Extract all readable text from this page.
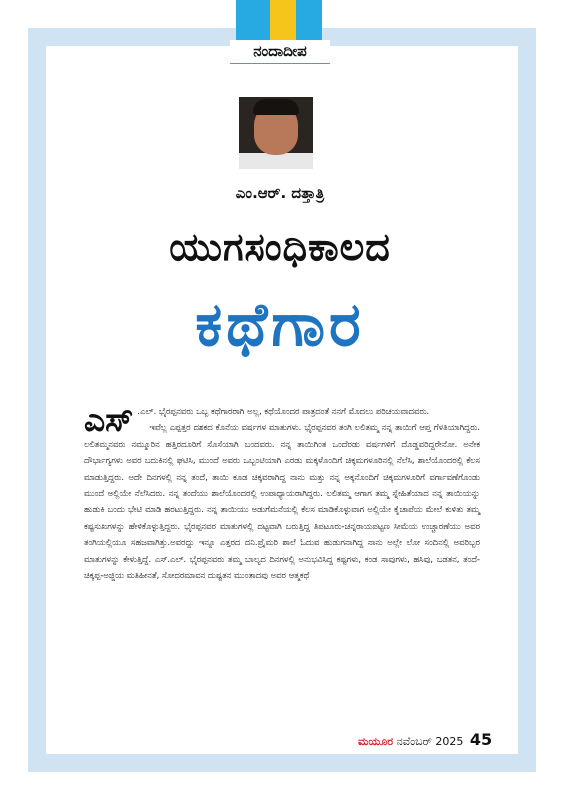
ನಂದಾದೀಪ
ಎಂ.ಆರ್. ದತ್ತಾತ್ರಿ
ಯುಗಸಂಧಿಕಾಲದ
ಕಥೆಗಾರ
ಎಸ್ .ಎಲ್. ಭೈರಪ್ಪನವರು ಒಬ್ಬ ಕಥೆಗಾರರಾಗಿ ಅಲ್ಲ, ಕಥೆಯೊಂದರ ಪಾತ್ರದಂತೆ ನನಗೆ ಮೊದಲು ಪರಿಚಯವಾದವರು.

ಇವೆಲ್ಲ ಎಪ್ಪತ್ತರ ದಶಕದ ಕೊನೆಯ ವರ್ಷಗಳ ಮಾತುಗಳು. ಭೈರಪ್ಪನವರ ತಂಗಿ ಲಲಿತಮ್ಮ ನನ್ನ ತಾಯಿಗೆ ಆಪ್ತ ಗೆಳತಿಯಾಗಿದ್ದರು. ಲಲಿತಮ್ಮನವರು ನಮ್ಮೂರಿನ ಹತ್ತಿರದೂರಿಗೆ ಸೊಸೆಯಾಗಿ ಬಂದವರು. ನನ್ನ ತಾಯಿಗಿಂತ ಒಂದೆರಡು ವರ್ಷಗಳಿಗೆ ದೊಡ್ಡವರಿದ್ದರೇನೋ. ಅನೇಕ ದೌರ್ಭಾಗ್ಯಗಳು ಅವರ ಬದುಕಿನಲ್ಲಿ ಘಟಿಸಿ, ಮುಂದೆ ಅವರು ಒಬ್ಬಂಟಿಯಾಗಿ ಎರಡು ಮಕ್ಕಳೊಂದಿಗೆ ಚಿಕ್ಕಮಗಳೂರಿನಲ್ಲಿ ನೆಲೆಸಿ, ಶಾಲೆಯೊಂದರಲ್ಲಿ ಕೆಲಸ ಮಾಡುತ್ತಿದ್ದರು. ಅದೇ ದಿನಗಳಲ್ಲಿ ನನ್ನ ತಂದೆ, ತಾಯಿ ಕೂಡ ಚಿಕ್ಕವರಾಗಿದ್ದ ನಾನು ಮತ್ತು ನನ್ನ ಅಕ್ಕನೊಂದಿಗೆ ಚಿಕ್ಕಮಗಳೂರಿಗೆ ವರ್ಗಾವಣೆಗೊಂಡು ಮುಂದೆ ಅಲ್ಲಿಯೇ ನೆಲೆಸಿದರು. ನನ್ನ ತಂದೆಯು ಶಾಲೆಯೊಂದರಲ್ಲಿ ಉಪಾಧ್ಯಾಯರಾಗಿದ್ದರು. ಲಲಿತಮ್ಮ ಆಗಾಗ ತಮ್ಮ ಸ್ನೇಹಿತೆಯಾದ ನನ್ನ ತಾಯಿಯನ್ನು ಹುಡುಕಿ ಬಂದು ಭೇಟಿ ಮಾಡಿ ಹರಟುತ್ತಿದ್ದರು. ನನ್ನ ತಾಯಿಯು ಅಡುಗೆಮನೆಯಲ್ಲಿ ಕೆಲಸ ಮಾಡಿಕೊಳ್ಳುವಾಗ ಅಲ್ಲಿಯೇ ಕೈಚಾಪೆಯ ಮೇಲೆ ಕುಳಿತು ತಮ್ಮ ಕಷ್ಟಸುಖಗಳನ್ನು ಹೇಳಿಕೊಳ್ಳುತ್ತಿದ್ದರು. ಭೈರಪ್ಪನವರ ಮಾತುಗಳಲ್ಲಿ ದಟ್ಟವಾಗಿ ಬರುತ್ತಿದ್ದ ತಿಪಟೂರು-ಚನ್ನರಾಯಪಟ್ಟಣ ಸೀಮೆಯ ಉಚ್ಚಾರಣೆಯು ಅವರ ತಂಗಿಯಲ್ಲಿಯೂ ಸಹಜವಾಗಿತ್ತು.ಅವರದ್ದು ಇನ್ನೂ ಎತ್ತರದ ದನಿ.ಪ್ರೈಮರಿ ಶಾಲೆ ಓದುವ ಹುಡುಗನಾಗಿದ್ದ ನಾನು ಅಲ್ಲೇ ಲೋ ಸಂದಿನಲ್ಲಿ ಅವರಿಬ್ಬರ ಮಾತುಗಳನ್ನು ಕೇಳುತ್ತಿದ್ದೆ. ಎಸ್.ಎಲ್. ಭೈರಪ್ಪನವರು ತಮ್ಮ ಬಾಲ್ಯದ ದಿನಗಳಲ್ಲಿ ಅನುಭವಿಸಿದ್ದ ಕಷ್ಟಗಳು, ಕಂಡ ಸಾವುಗಳು, ಹಸಿವು, ಬಡತನ, ತಂದೆ-ಚಿಕ್ಕಪ್ಪ-ಅಜ್ಜಿಯ ಮತಿಹೀನತೆ, ಸೋದರಮಾವನ ದುಷ್ಟತನ ಮುಂತಾದವು ಅವರ ಆತ್ಮಕಥೆ

ಮಯೂರ ನವೆಂಬರ್ 2025 45
